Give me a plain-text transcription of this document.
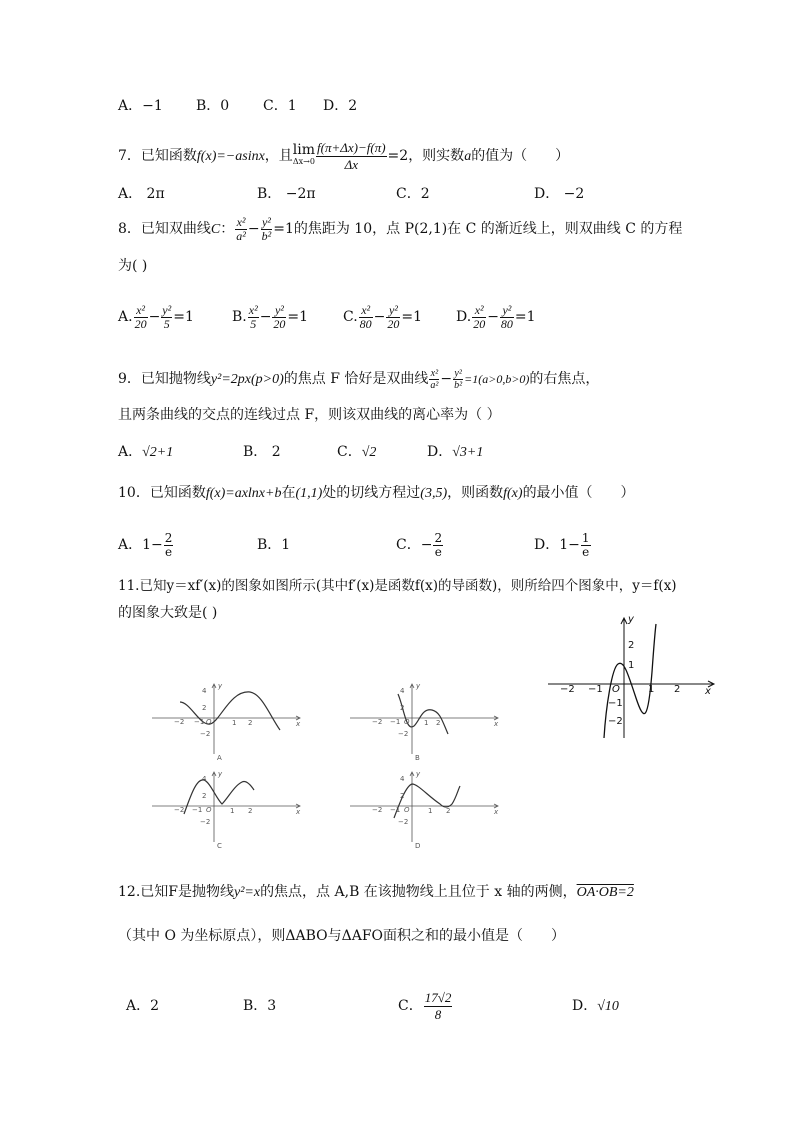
A．−1 B．0 C．1 D．2
7．已知函数f(x)=−asinx，且 lim
$\Delta x\to 0 \frac{f(\pi+\Delta x)-f(\pi)}{\Delta x} =2$，则实数a的值为（　　）
A． 2π	B． −2π	C．2	D． −2
8．已知双曲线C： $\frac{\text{x²}}{\text{a²}} - \frac{\text{y²}}{\text{b²}} =1$的焦距为 10，点 P(2,1)在 C 的渐近线上，则双曲线 C 的方程
为( )
A. $\frac{\text{x²}}{20} - \frac{\text{y²}}{5} =1$	B. $\frac{\text{x²}}{5} - \frac{\text{y²}}{20} =1$ C. $\frac{\text{x²}}{80} - \frac{\text{y²}}{20} =1$ D. $\frac{\text{x²}}{20} - \frac{\text{y²}}{80} =1$
9．已知抛物线y²=2px(p>0)的焦点 F 恰好是双曲线 $\frac{\text{x²}}{\text{a²}} - \frac{\text{y²}}{\text{b²}} =1(a>0,b>0)$的右焦点，
且两条曲线的交点的连线过点 F，则该双曲线的离心率为（ ）
A．√2+1	B． 2	C．√2	D．√3+1
10．已知函数f(x)=axlnx+b在(1,1)处的切线方程过(3,5)，则函数f(x)的最小值（　　）
A．$1- \frac{2}{e}$	B．1	C．− $\frac{2}{e}$	D．$1- \frac{1}{e}$
11.已知y＝xf′(x)的图象如图所示(其中f′(x)是函数f(x)的导函数)，则所给四个图象中，y＝f(x)
的图象大致是( )	y
x
−2 −1	1 2
2
1
−1
−2
O
y
x
4
2
−2
−2 −1	1 2
O
A
y
x
4
2
−2
−2 −1	1 2
O
B
y
x
4
2
−2
−2 −1	1 2
O
C
y
x
4
2
−2
−2 −1	1 2
O
D
12.已知F是抛物线y²=x的焦点，点 A,B 在该抛物线上且位于 x 轴的两侧，OA·OB=2
（其中 O 为坐标原点），则ΔABO与ΔAFO面积之和的最小值是（　　）
A．2	B．3	C． $\frac{17√2}{8}$	D．√10
